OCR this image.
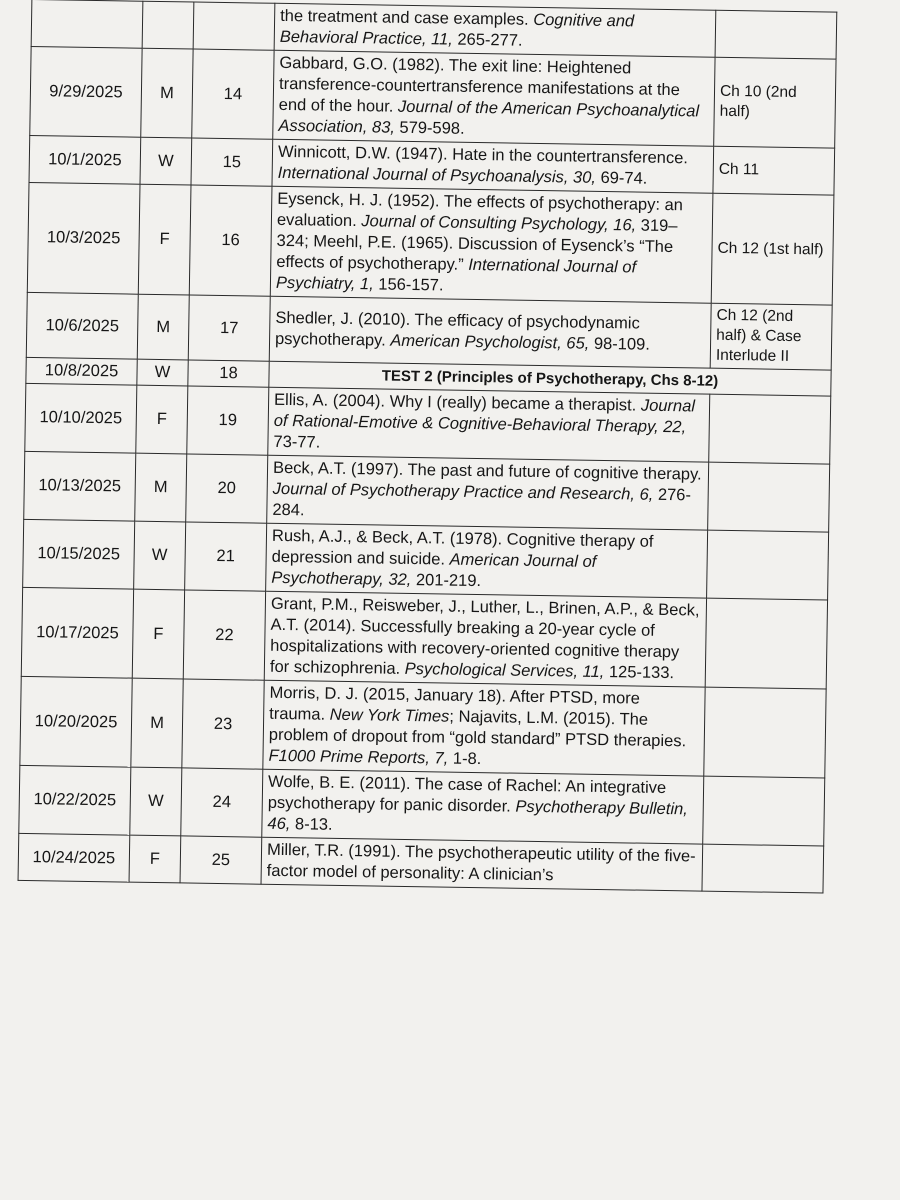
			the treatment and case examples. Cognitive and Behavioral Practice, 11, 265-277.	
9/29/2025	M	14	Gabbard, G.O. (1982). The exit line: Heightened transference-countertransference manifestations at the end of the hour. Journal of the American Psychoanalytical Association, 83, 579-598.	Ch 10 (2nd half)
10/1/2025	W	15	Winnicott, D.W. (1947). Hate in the countertransference. International Journal of Psychoanalysis, 30, 69-74.	Ch 11
10/3/2025	F	16	Eysenck, H. J. (1952). The effects of psychotherapy: an evaluation. Journal of Consulting Psychology, 16, 319–324; Meehl, P.E. (1965). Discussion of Eysenck’s “The effects of psychotherapy.” International Journal of Psychiatry, 1, 156-157.	Ch 12 (1st half)
10/6/2025	M	17	Shedler, J. (2010). The efficacy of psychodynamic psychotherapy. American Psychologist, 65, 98-109.	Ch 12 (2nd half) & Case Interlude II
10/8/2025	W	18	TEST 2 (Principles of Psychotherapy, Chs 8-12)	
10/10/2025	F	19	Ellis, A. (2004). Why I (really) became a therapist. Journal of Rational-Emotive & Cognitive-Behavioral Therapy, 22, 73-77.	
10/13/2025	M	20	Beck, A.T. (1997). The past and future of cognitive therapy. Journal of Psychotherapy Practice and Research, 6, 276-284.	
10/15/2025	W	21	Rush, A.J., & Beck, A.T. (1978). Cognitive therapy of depression and suicide. American Journal of Psychotherapy, 32, 201-219.	
10/17/2025	F	22	Grant, P.M., Reisweber, J., Luther, L., Brinen, A.P., & Beck, A.T. (2014). Successfully breaking a 20-year cycle of hospitalizations with recovery-oriented cognitive therapy for schizophrenia. Psychological Services, 11, 125-133.	
10/20/2025	M	23	Morris, D. J. (2015, January 18). After PTSD, more trauma. New York Times; Najavits, L.M. (2015). The problem of dropout from “gold standard” PTSD therapies. F1000 Prime Reports, 7, 1-8.	
10/22/2025	W	24	Wolfe, B. E. (2011). The case of Rachel: An integrative psychotherapy for panic disorder. Psychotherapy Bulletin, 46, 8-13.	
10/24/2025	F	25	Miller, T.R. (1991). The psychotherapeutic utility of the five-factor model of personality: A clinician’s	
